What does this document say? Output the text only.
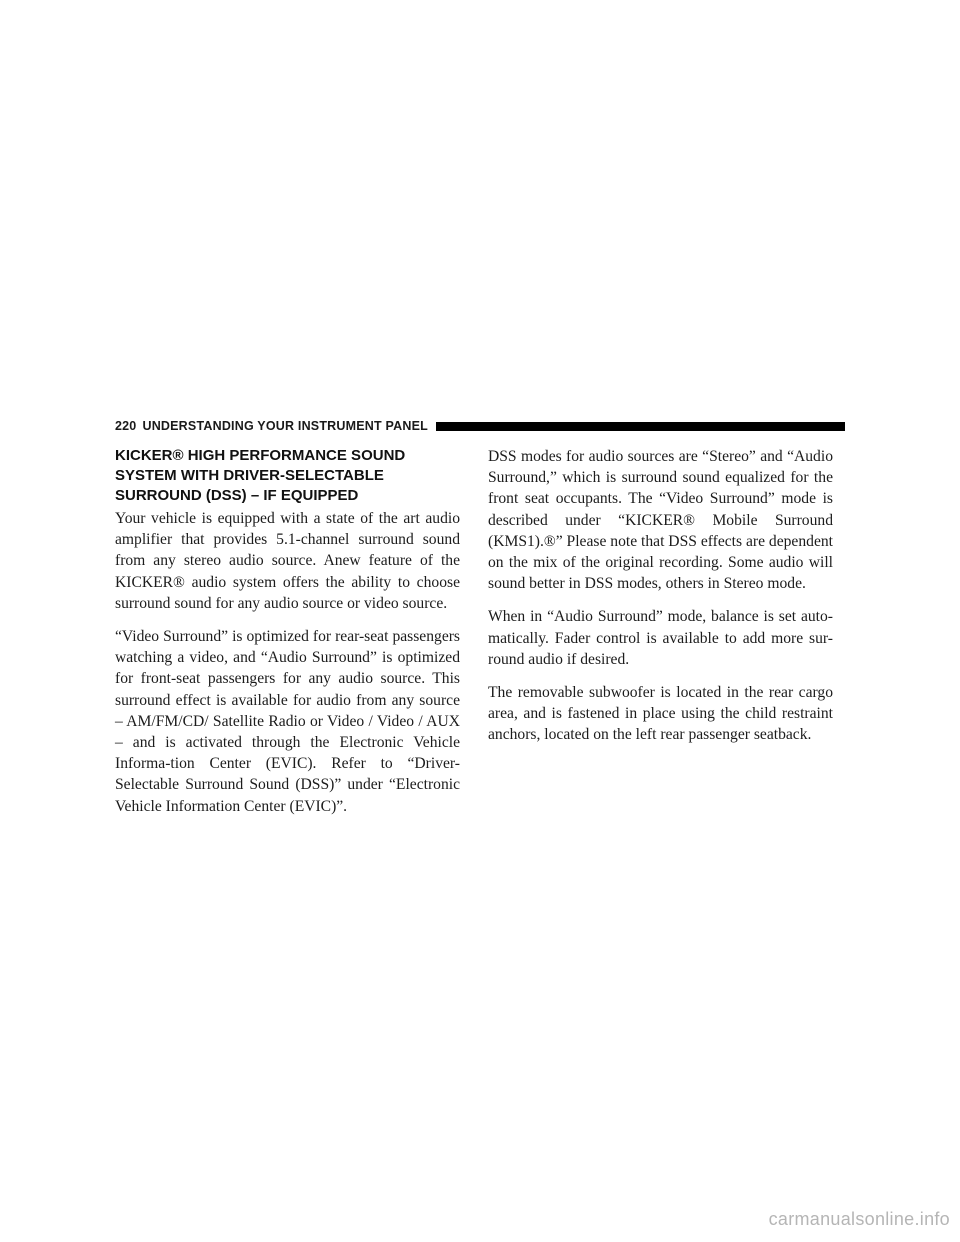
220 UNDERSTANDING YOUR INSTRUMENT PANEL
KICKER® HIGH PERFORMANCE SOUND SYSTEM WITH DRIVER-SELECTABLE SURROUND (DSS) – IF EQUIPPED

Your vehicle is equipped with a state of the art audio amplifier that provides 5.1-channel surround sound from any stereo audio source. Anew feature of the KICKER® audio system offers the ability to choose surround sound for any audio source or video source.

“Video Surround” is optimized for rear-seat passengers watching a video, and “Audio Surround” is optimized for front-seat passengers for any audio source. This surround effect is available for audio from any source – AM/FM/CD/ Satellite Radio or Video / Video / AUX – and is activated through the Electronic Vehicle Informa-tion Center (EVIC). Refer to “Driver-Selectable Surround Sound (DSS)” under “Electronic Vehicle Information Center (EVIC)”.

DSS modes for audio sources are “Stereo” and “Audio Surround,” which is surround sound equalized for the front seat occupants. The “Video Surround” mode is described under “KICKER® Mobile Surround (KMS1).®” Please note that DSS effects are dependent on the mix of the original recording. Some audio will sound better in DSS modes, others in Stereo mode.

When in “Audio Surround” mode, balance is set auto-matically. Fader control is available to add more sur-round audio if desired.

The removable subwoofer is located in the rear cargo area, and is fastened in place using the child restraint anchors, located on the left rear passenger seatback.

carmanualsonline.info
